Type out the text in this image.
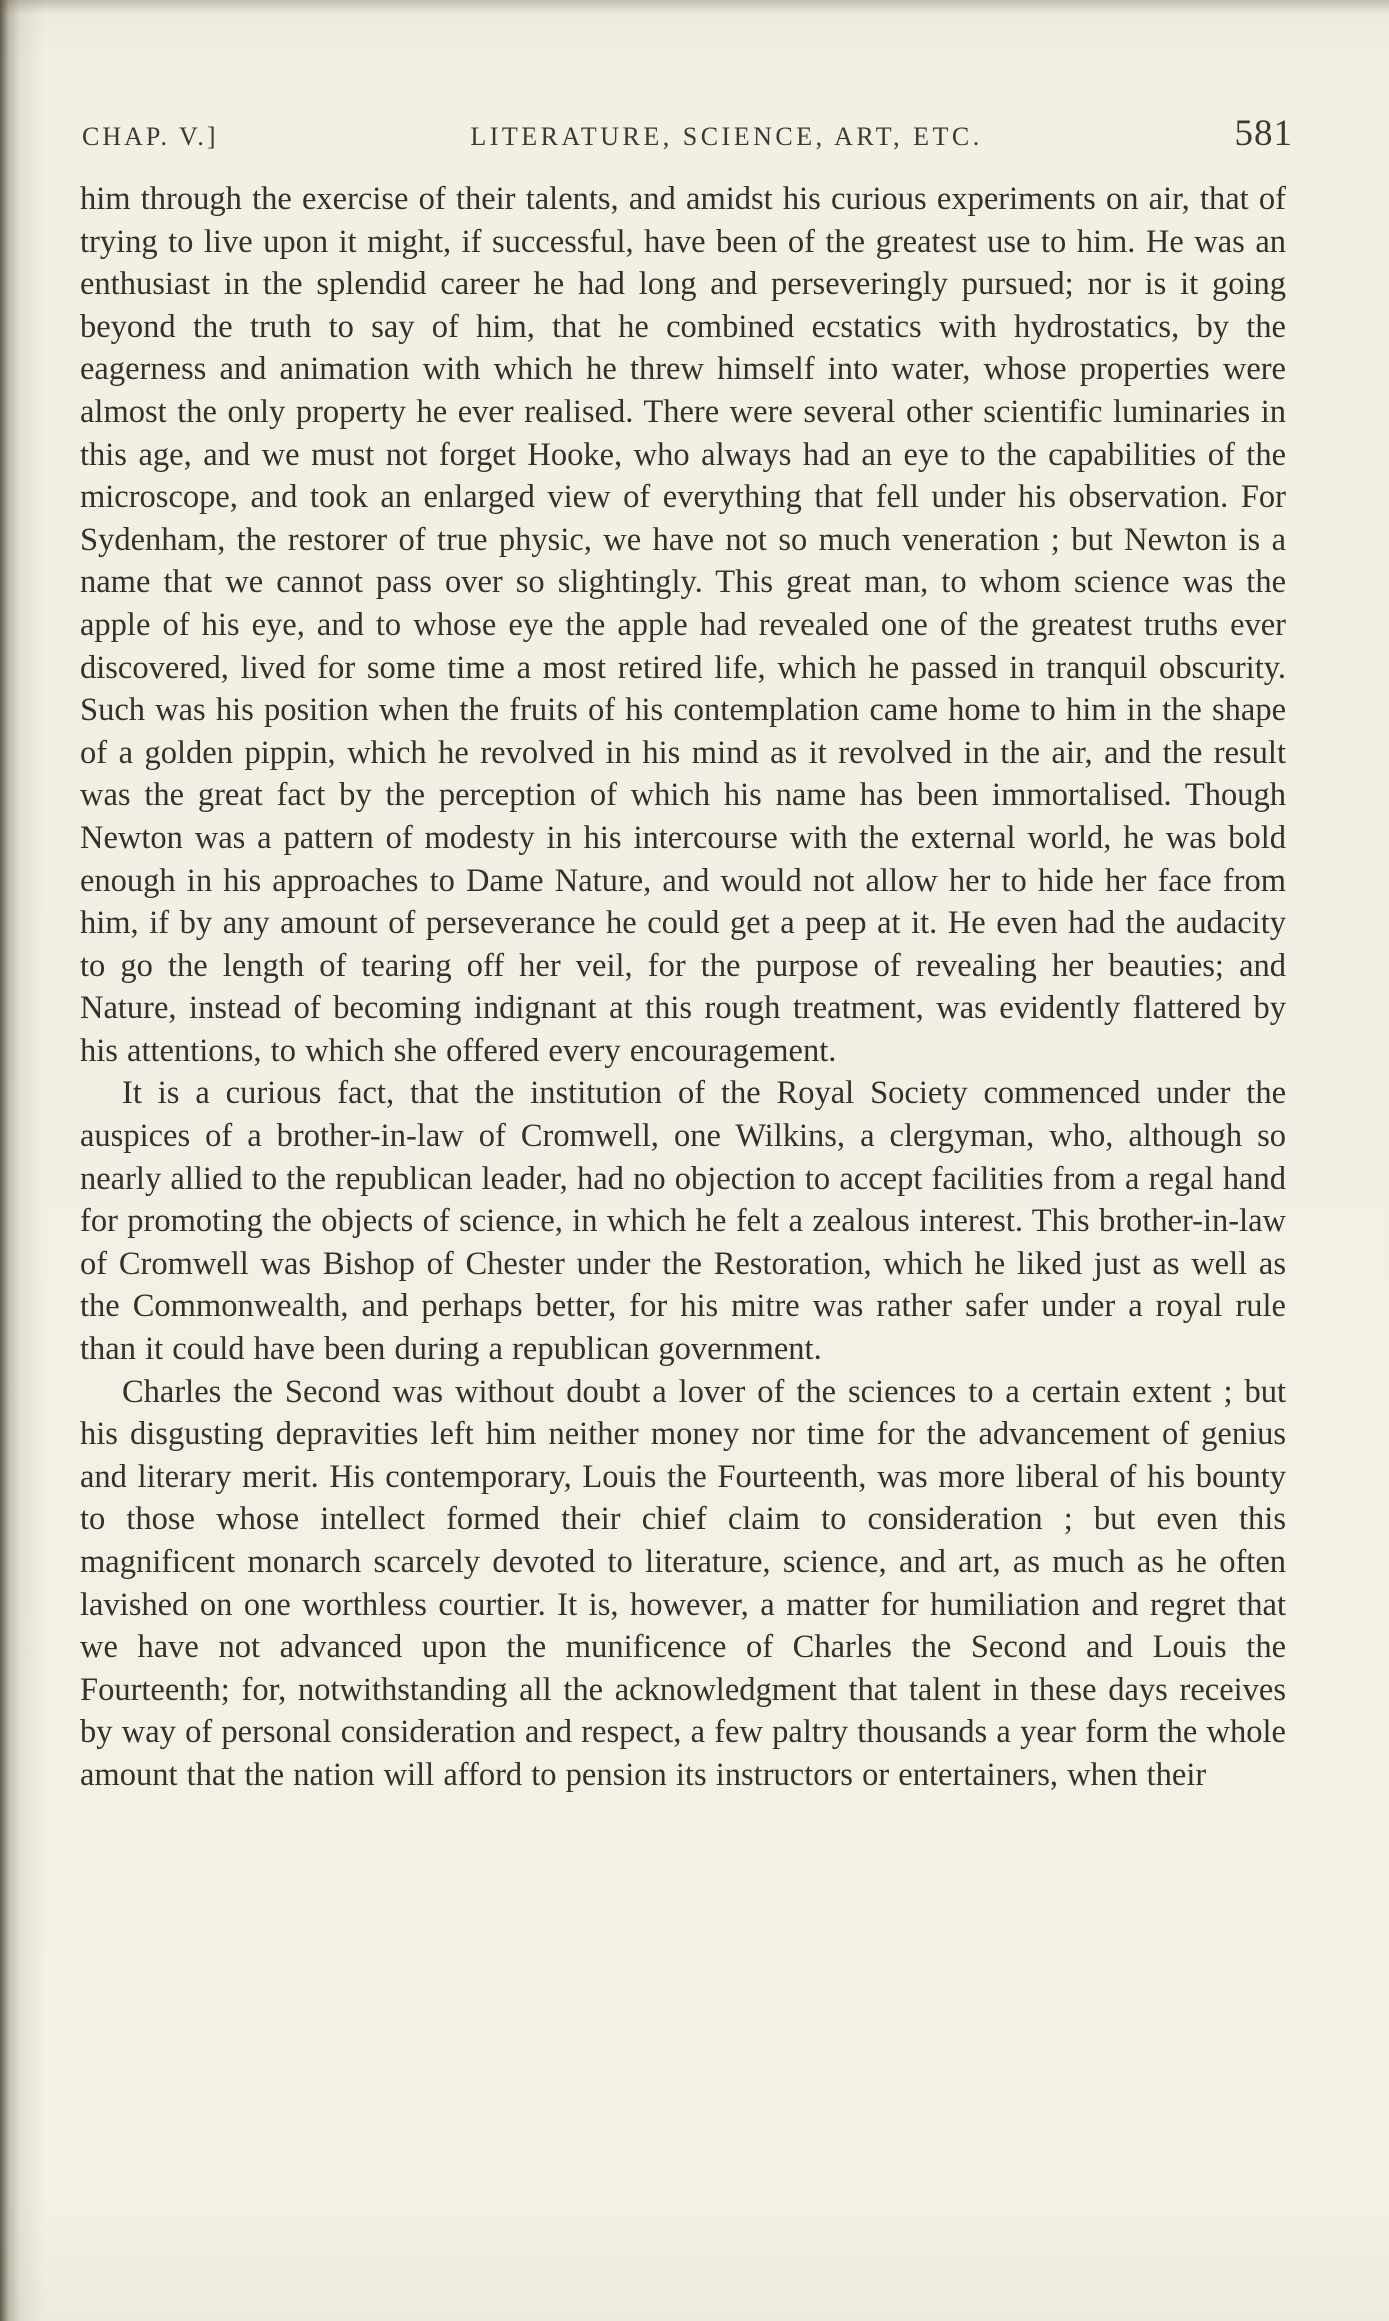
CHAP. V.]	LITERATURE, SCIENCE, ART, ETC.	581

him through the exercise of their talents, and amidst his curious experiments on air, that of trying to live upon it might, if successful, have been of the greatest use to him. He was an enthusiast in the splendid career he had long and perseveringly pursued; nor is it going beyond the truth to say of him, that he combined ecstatics with hydrostatics, by the eagerness and animation with which he threw himself into water, whose properties were almost the only property he ever realised. There were several other scientific luminaries in this age, and we must not forget Hooke, who always had an eye to the capabilities of the microscope, and took an enlarged view of everything that fell under his observation. For Sydenham, the restorer of true physic, we have not so much veneration ; but Newton is a name that we cannot pass over so slightingly. This great man, to whom science was the apple of his eye, and to whose eye the apple had revealed one of the greatest truths ever discovered, lived for some time a most retired life, which he passed in tranquil obscurity. Such was his position when the fruits of his contemplation came home to him in the shape of a golden pippin, which he revolved in his mind as it revolved in the air, and the result was the great fact by the perception of which his name has been immortalised. Though Newton was a pattern of modesty in his intercourse with the external world, he was bold enough in his approaches to Dame Nature, and would not allow her to hide her face from him, if by any amount of perseverance he could get a peep at it. He even had the audacity to go the length of tearing off her veil, for the purpose of revealing her beauties; and Nature, instead of becoming indignant at this rough treatment, was evidently flattered by his attentions, to which she offered every encouragement.

It is a curious fact, that the institution of the Royal Society commenced under the auspices of a brother-in-law of Cromwell, one Wilkins, a clergyman, who, although so nearly allied to the republican leader, had no objection to accept facilities from a regal hand for promoting the objects of science, in which he felt a zealous interest. This brother-in-law of Cromwell was Bishop of Chester under the Restoration, which he liked just as well as the Commonwealth, and perhaps better, for his mitre was rather safer under a royal rule than it could have been during a republican government.

Charles the Second was without doubt a lover of the sciences to a certain extent ; but his disgusting depravities left him neither money nor time for the advancement of genius and literary merit. His contemporary, Louis the Fourteenth, was more liberal of his bounty to those whose intellect formed their chief claim to consideration ; but even this magnificent monarch scarcely devoted to literature, science, and art, as much as he often lavished on one worthless courtier. It is, however, a matter for humiliation and regret that we have not advanced upon the munificence of Charles the Second and Louis the Fourteenth; for, notwithstanding all the acknowledgment that talent in these days receives by way of personal consideration and respect, a few paltry thousands a year form the whole amount that the nation will afford to pension its instructors or entertainers, when their
